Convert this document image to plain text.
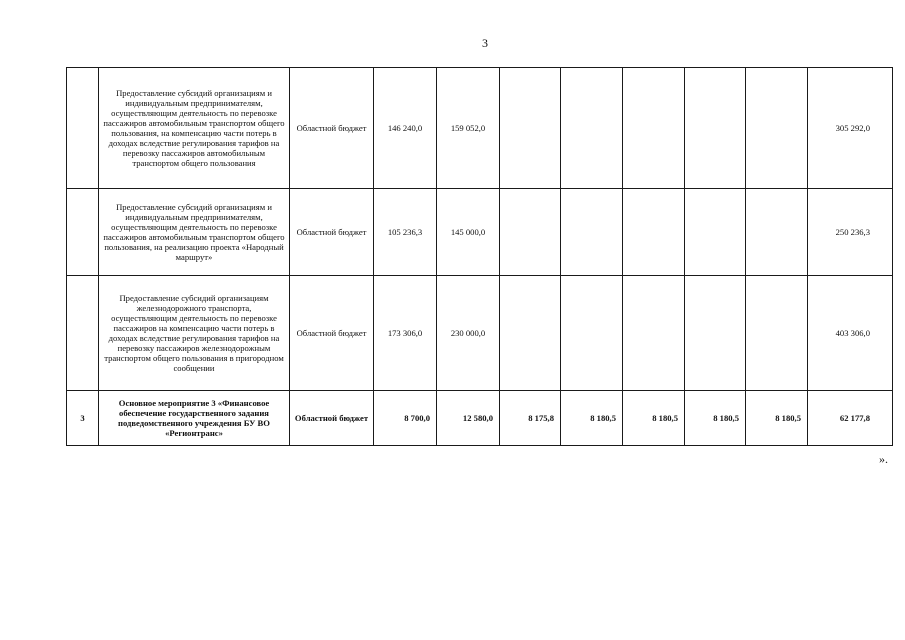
3
	Предоставление субсидий организациям и индивидуальным предпринимателям, осуществляющим деятельность по перевозке пассажиров автомобильным транспортом общего пользования, на компенсацию части потерь в доходах вследствие регулирования тарифов на перевозку пассажиров автомобильным транспортом общего пользования	Областной бюджет	146 240,0	159 052,0						305 292,0
	Предоставление субсидий организациям и индивидуальным предпринимателям, осуществляющим деятельность по перевозке пассажиров автомобильным транспортом общего пользования, на реализацию проекта «Народный маршрут»	Областной бюджет	105 236,3	145 000,0						250 236,3
	Предоставление субсидий организациям железнодорожного транспорта, осуществляющим деятельность по перевозке пассажиров на компенсацию части потерь в доходах вследствие регулирования тарифов на перевозку пассажиров железнодорожным транспортом общего пользования в пригородном сообщении	Областной бюджет	173 306,0	230 000,0						403 306,0
3	Основное мероприятие 3 «Финансовое обеспечение государственного задания подведомственного учреждения БУ ВО «Регионтранс»	Областной бюджет	8 700,0	12 580,0	8 175,8	8 180,5	8 180,5	8 180,5	8 180,5	62 177,8
».
